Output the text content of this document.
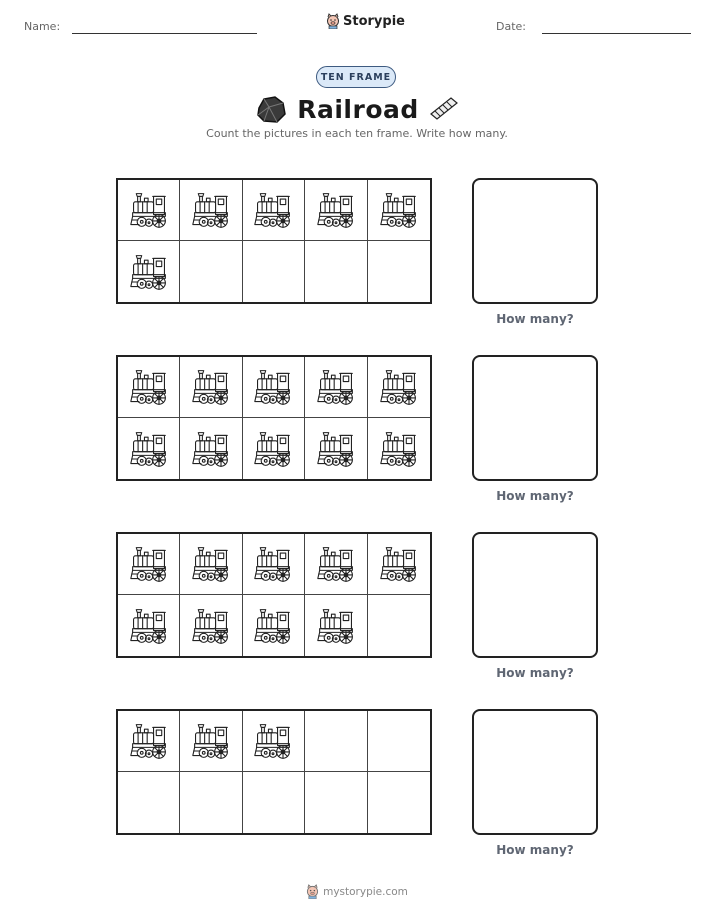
Name:	Storypie	Date:
TEN FRAME
Railroad
Count the pictures in each ten frame. Write how many.
How many?
How many?
How many?
How many?
mystorypie.com
